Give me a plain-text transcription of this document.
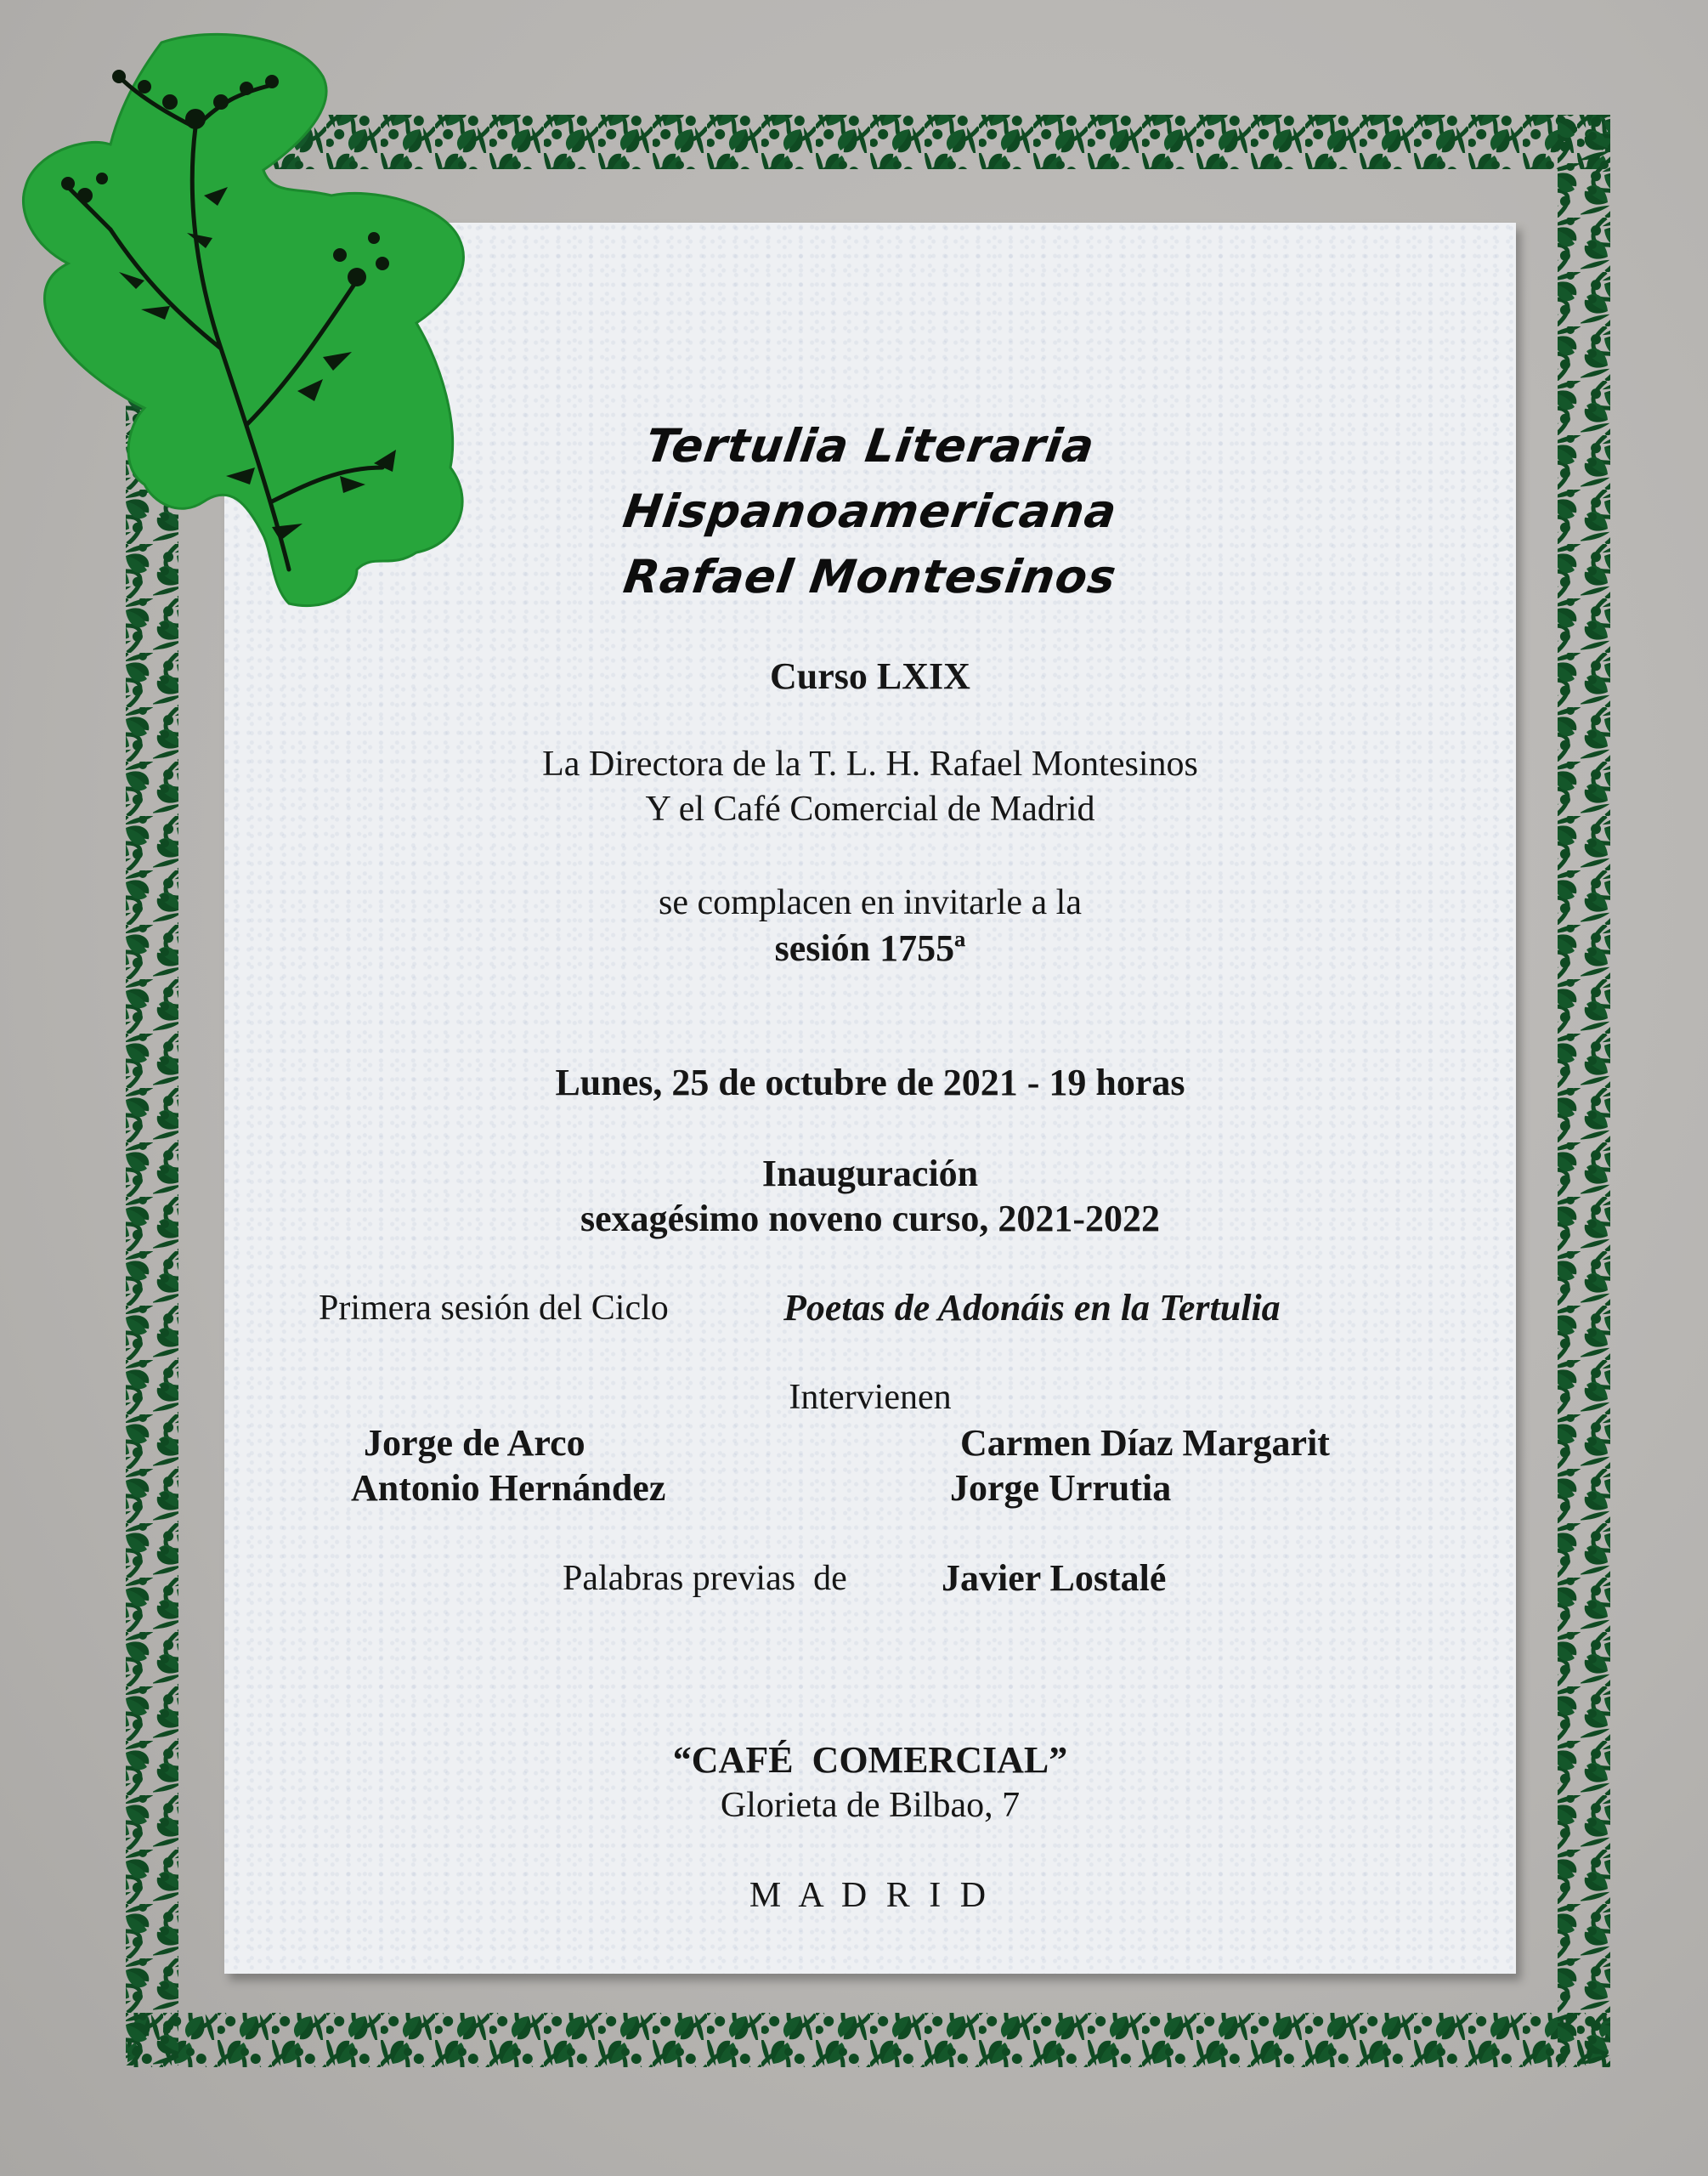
Tertulia Literaria

Hispanoamericana

Rafael Montesinos

Curso LXIX

La Directora de la T. L. H. Rafael Montesinos

Y el Café Comercial de Madrid

se complacen en invitarle a la

sesión 1755ª

Lunes, 25 de octubre de 2021 - 19 horas

Inauguración

sexagésimo noveno curso, 2021-2022

Primera sesión del Ciclo	Poetas de Adonáis en la Tertulia

Intervienen

Jorge de Arco

Antonio Hernández

Carmen Díaz Margarit

Jorge Urrutia

Palabras previas  de	Javier Lostalé

“CAFÉ  COMERCIAL”

Glorieta de Bilbao, 7

M A D R I D
